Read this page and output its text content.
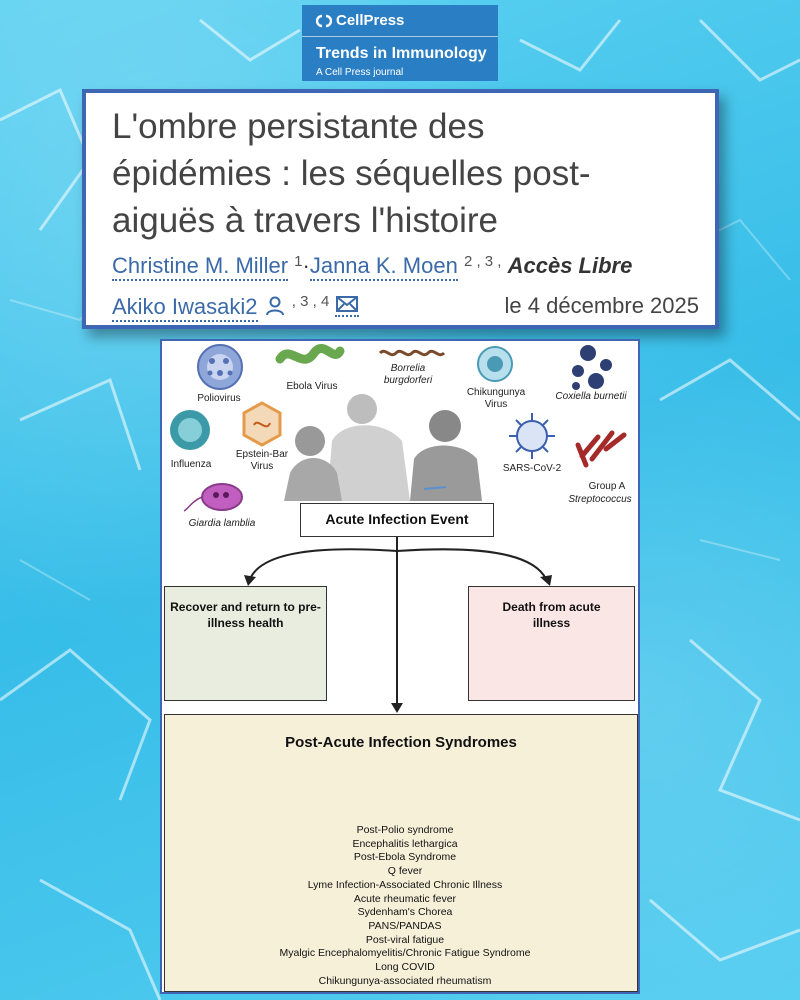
CellPress
Trends in Immunology
A Cell Press journal
L'ombre persistante des
épidémies : les séquelles post-
aiguës à travers l'histoire
Christine M. Miller $^1$·Janna K. Moen $^{2 , 3 ,}$ Accès Libre
Akiko Iwasaki2 $^{, 3 , 4}$	le 4 décembre 2025
Poliovirus
Ebola Virus
Borrelia burgdorferi
Chikungunya Virus
Coxiella burnetii
Influenza
Epstein-Bar Virus	SARS-CoV-2
Group A
Streptococcus
Giardia lamblia	Acute Infection Event
Recover and return to pre-illness health
Death from acute illness
Post-Acute Infection Syndromes
Post-Polio syndrome
Encephalitis lethargica
Post-Ebola Syndrome
Q fever
Lyme Infection-Associated Chronic Illness
Acute rheumatic fever
Sydenham's Chorea
PANS/PANDAS
Post-viral fatigue
Myalgic Encephalomyelitis/Chronic Fatigue Syndrome
Long COVID
Chikungunya-associated rheumatism
